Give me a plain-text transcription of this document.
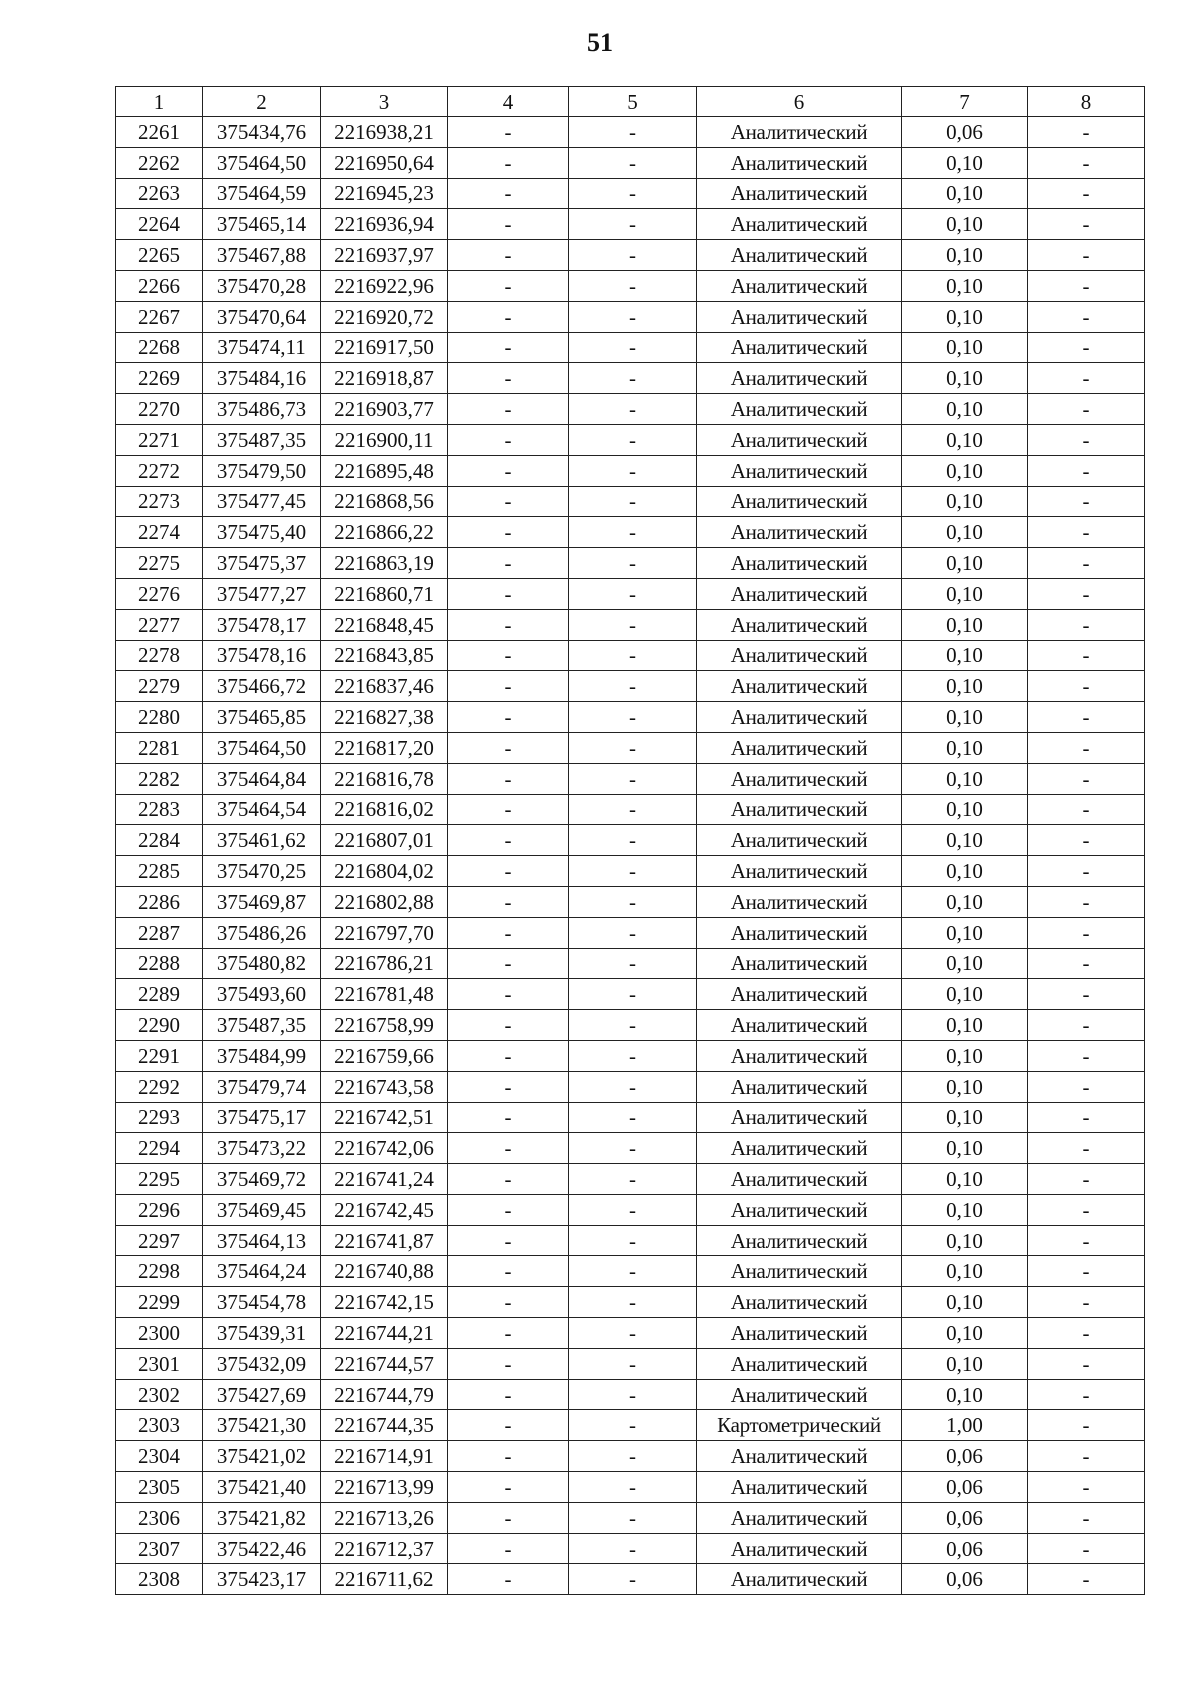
51
1	2	3	4	5	6	7	8
2261	375434,76	2216938,21	-	-	Аналитический	0,06	-
2262	375464,50	2216950,64	-	-	Аналитический	0,10	-
2263	375464,59	2216945,23	-	-	Аналитический	0,10	-
2264	375465,14	2216936,94	-	-	Аналитический	0,10	-
2265	375467,88	2216937,97	-	-	Аналитический	0,10	-
2266	375470,28	2216922,96	-	-	Аналитический	0,10	-
2267	375470,64	2216920,72	-	-	Аналитический	0,10	-
2268	375474,11	2216917,50	-	-	Аналитический	0,10	-
2269	375484,16	2216918,87	-	-	Аналитический	0,10	-
2270	375486,73	2216903,77	-	-	Аналитический	0,10	-
2271	375487,35	2216900,11	-	-	Аналитический	0,10	-
2272	375479,50	2216895,48	-	-	Аналитический	0,10	-
2273	375477,45	2216868,56	-	-	Аналитический	0,10	-
2274	375475,40	2216866,22	-	-	Аналитический	0,10	-
2275	375475,37	2216863,19	-	-	Аналитический	0,10	-
2276	375477,27	2216860,71	-	-	Аналитический	0,10	-
2277	375478,17	2216848,45	-	-	Аналитический	0,10	-
2278	375478,16	2216843,85	-	-	Аналитический	0,10	-
2279	375466,72	2216837,46	-	-	Аналитический	0,10	-
2280	375465,85	2216827,38	-	-	Аналитический	0,10	-
2281	375464,50	2216817,20	-	-	Аналитический	0,10	-
2282	375464,84	2216816,78	-	-	Аналитический	0,10	-
2283	375464,54	2216816,02	-	-	Аналитический	0,10	-
2284	375461,62	2216807,01	-	-	Аналитический	0,10	-
2285	375470,25	2216804,02	-	-	Аналитический	0,10	-
2286	375469,87	2216802,88	-	-	Аналитический	0,10	-
2287	375486,26	2216797,70	-	-	Аналитический	0,10	-
2288	375480,82	2216786,21	-	-	Аналитический	0,10	-
2289	375493,60	2216781,48	-	-	Аналитический	0,10	-
2290	375487,35	2216758,99	-	-	Аналитический	0,10	-
2291	375484,99	2216759,66	-	-	Аналитический	0,10	-
2292	375479,74	2216743,58	-	-	Аналитический	0,10	-
2293	375475,17	2216742,51	-	-	Аналитический	0,10	-
2294	375473,22	2216742,06	-	-	Аналитический	0,10	-
2295	375469,72	2216741,24	-	-	Аналитический	0,10	-
2296	375469,45	2216742,45	-	-	Аналитический	0,10	-
2297	375464,13	2216741,87	-	-	Аналитический	0,10	-
2298	375464,24	2216740,88	-	-	Аналитический	0,10	-
2299	375454,78	2216742,15	-	-	Аналитический	0,10	-
2300	375439,31	2216744,21	-	-	Аналитический	0,10	-
2301	375432,09	2216744,57	-	-	Аналитический	0,10	-
2302	375427,69	2216744,79	-	-	Аналитический	0,10	-
2303	375421,30	2216744,35	-	-	Картометрический	1,00	-
2304	375421,02	2216714,91	-	-	Аналитический	0,06	-
2305	375421,40	2216713,99	-	-	Аналитический	0,06	-
2306	375421,82	2216713,26	-	-	Аналитический	0,06	-
2307	375422,46	2216712,37	-	-	Аналитический	0,06	-
2308	375423,17	2216711,62	-	-	Аналитический	0,06	-
